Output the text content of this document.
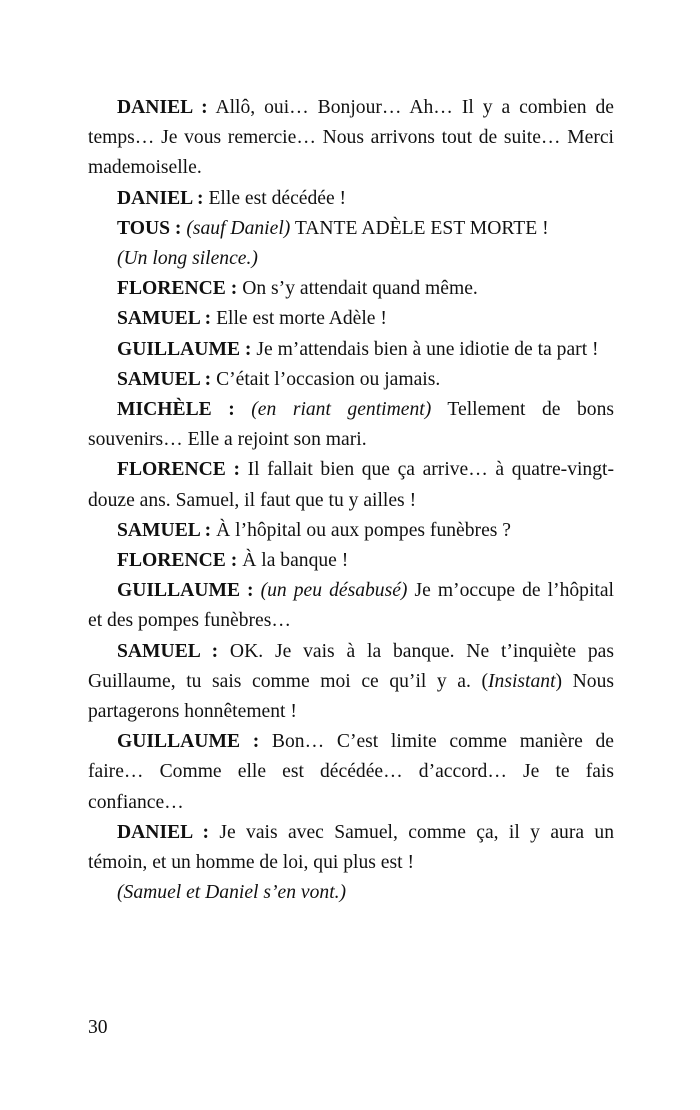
DANIEL : Allô, oui… Bonjour… Ah… Il y a combien de temps… Je vous remercie… Nous arrivons tout de suite… Merci mademoiselle.

DANIEL : Elle est décédée !

TOUS : (sauf Daniel) TANTE ADÈLE EST MORTE !

(Un long silence.)

FLORENCE : On s’y attendait quand même.

SAMUEL : Elle est morte Adèle !

GUILLAUME : Je m’attendais bien à une idiotie de ta part !

SAMUEL : C’était l’occasion ou jamais.

MICHÈLE : (en riant gentiment) Tellement de bons souvenirs… Elle a rejoint son mari.

FLORENCE : Il fallait bien que ça arrive… à quatre-vingt-douze ans. Samuel, il faut que tu y ailles !

SAMUEL : À l’hôpital ou aux pompes funèbres ?

FLORENCE : À la banque !

GUILLAUME : (un peu désabusé) Je m’occupe de l’hôpital et des pompes funèbres…

SAMUEL : OK. Je vais à la banque. Ne t’inquiète pas Guillaume, tu sais comme moi ce qu’il y a. (Insistant) Nous partagerons honnêtement !

GUILLAUME : Bon… C’est limite comme manière de faire… Comme elle est décédée… d’accord… Je te fais confiance…

DANIEL : Je vais avec Samuel, comme ça, il y aura un témoin, et un homme de loi, qui plus est !

(Samuel et Daniel s’en vont.)

30
